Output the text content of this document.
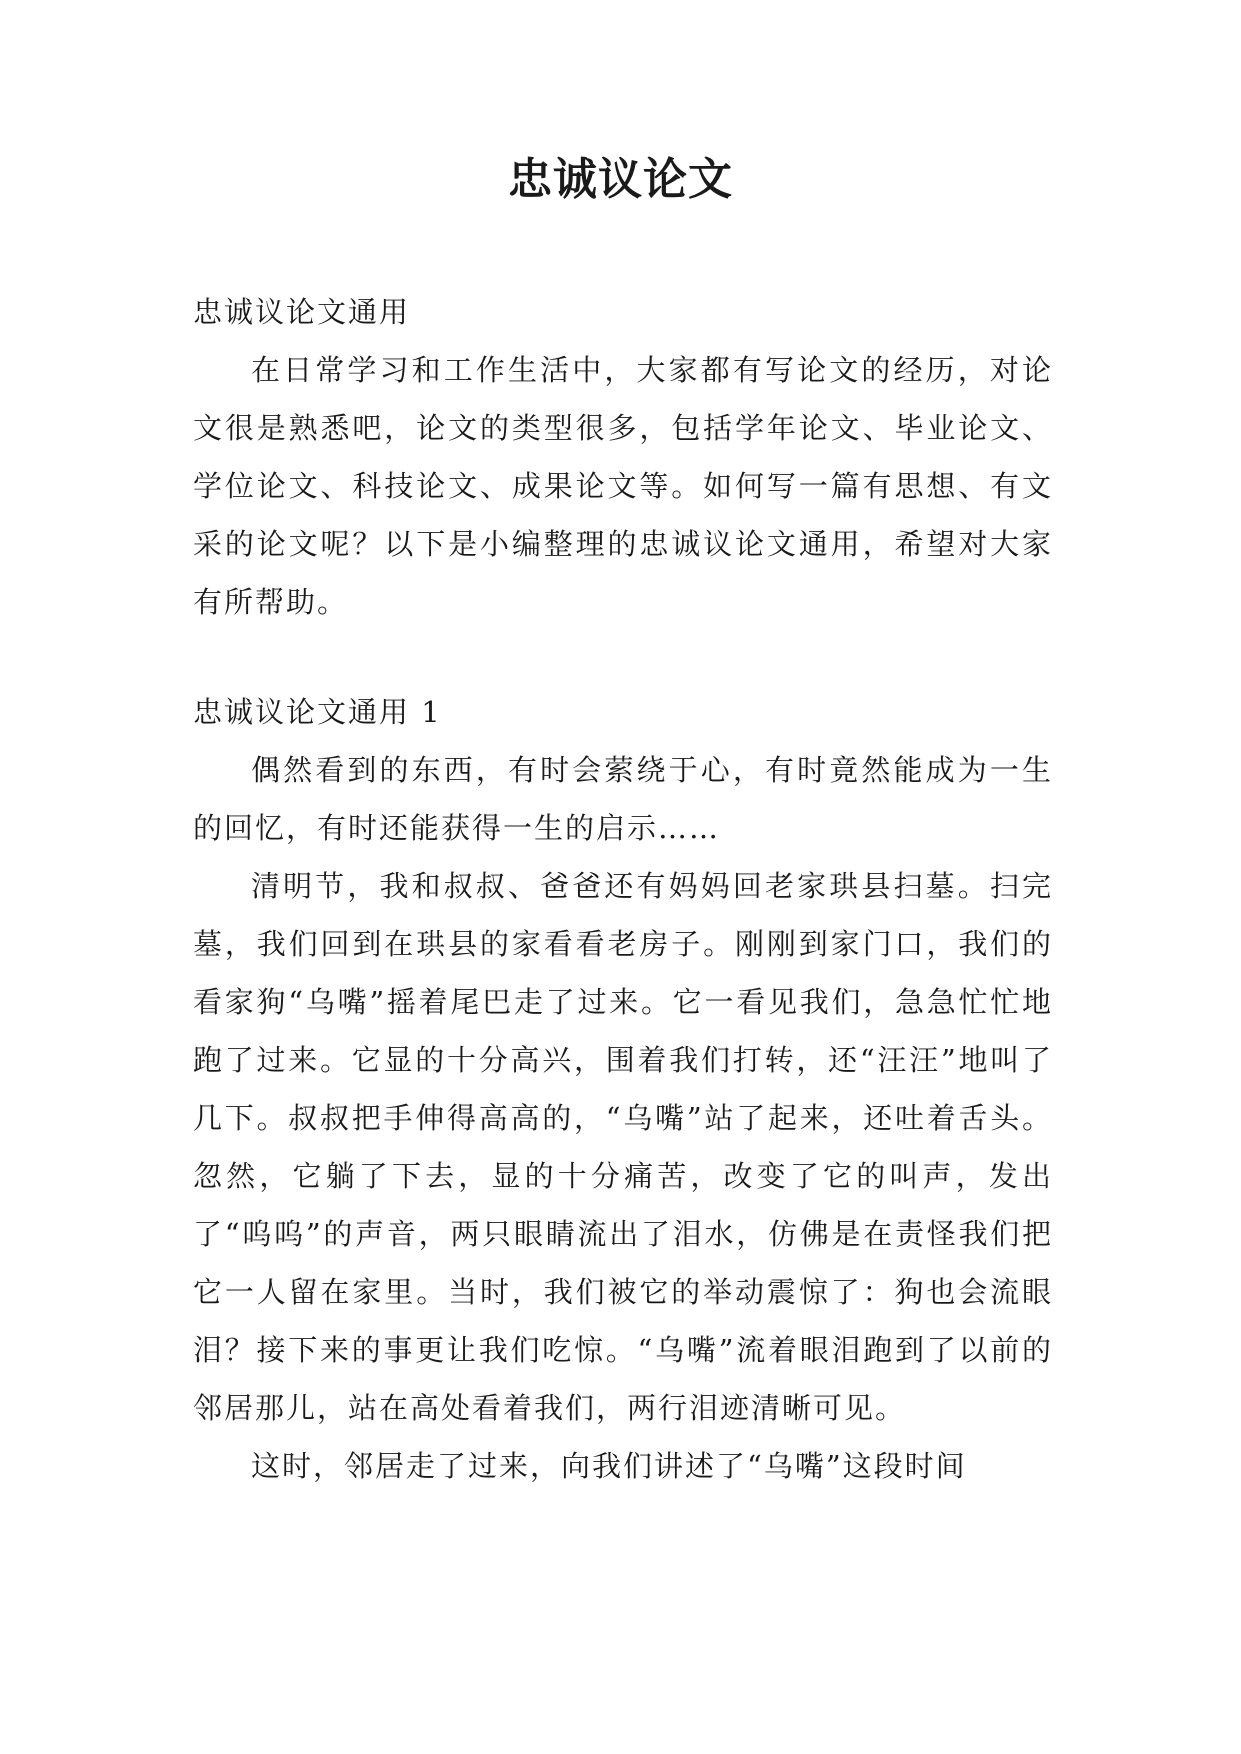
忠诚议论文

忠诚议论文通用

在日常学习和工作生活中，大家都有写论文的经历，对论文很是熟悉吧，论文的类型很多，包括学年论文、毕业论文、学位论文、科技论文、成果论文等。如何写一篇有思想、有文采的论文呢？以下是小编整理的忠诚议论文通用，希望对大家有所帮助。

忠诚议论文通用 1

偶然看到的东西，有时会萦绕于心，有时竟然能成为一生的回忆，有时还能获得一生的启示……

清明节，我和叔叔、爸爸还有妈妈回老家珙县扫墓。扫完墓，我们回到在珙县的家看看老房子。刚刚到家门口，我们的看家狗“乌嘴”摇着尾巴走了过来。它一看见我们，急急忙忙地跑了过来。它显的十分高兴，围着我们打转，还“汪汪”地叫了几下。叔叔把手伸得高高的，“乌嘴”站了起来，还吐着舌头。忽然，它躺了下去，显的十分痛苦，改变了它的叫声，发出了“呜呜”的声音，两只眼睛流出了泪水，仿佛是在责怪我们把它一人留在家里。当时，我们被它的举动震惊了：狗也会流眼泪？接下来的事更让我们吃惊。“乌嘴”流着眼泪跑到了以前的邻居那儿，站在高处看着我们，两行泪迹清晰可见。

这时，邻居走了过来，向我们讲述了“乌嘴”这段时间
